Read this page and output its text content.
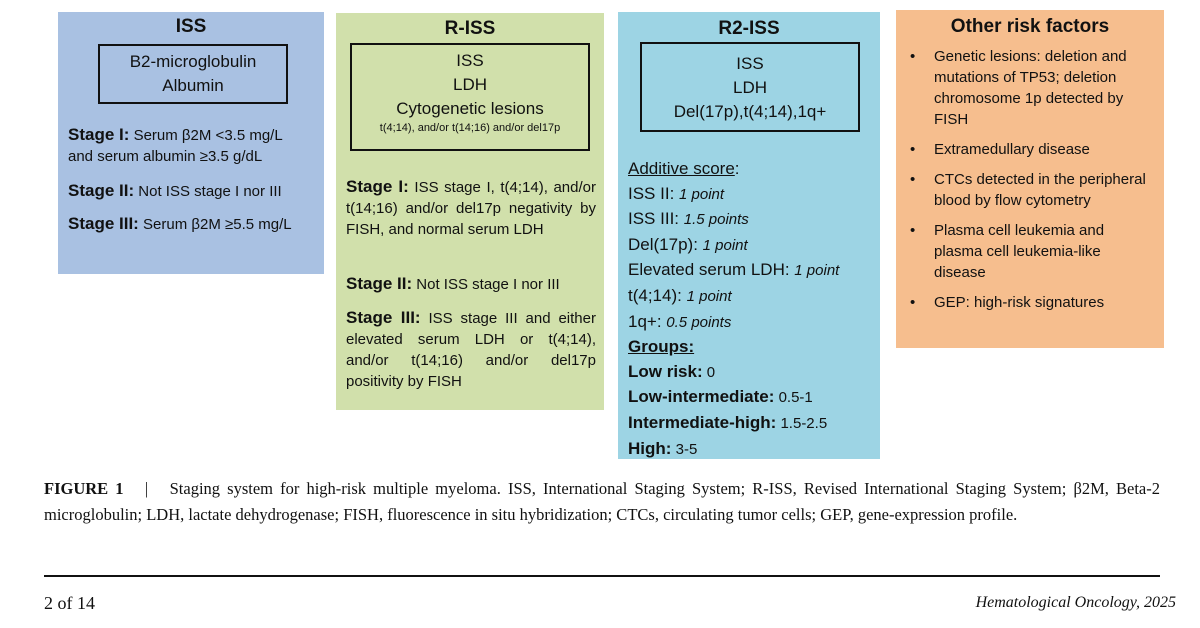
ISS
B2-microglobulin
Albumin
Stage I: Serum β2M <3.5 mg/L
and serum albumin ≥3.5 g/dL
Stage II: Not ISS stage I nor III
Stage III: Serum β2M ≥5.5 mg/L
R-ISS
ISS
LDH
Cytogenetic lesions
t(4;14), and/or t(14;16) and/or del17p
Stage I: ISS stage I, t(4;14), and/or t(14;16) and/or del17p negativity by FISH, and normal serum LDH
Stage II: Not ISS stage I nor III
Stage III: ISS stage III and either elevated serum LDH or t(4;14), and/or t(14;16) and/or del17p positivity by FISH
R2-ISS
ISS
LDH
Del(17p),t(4;14),1q+
Additive score:
ISS II: 1 point
ISS III: 1.5 points
Del(17p): 1 point
Elevated serum LDH: 1 point
t(4;14): 1 point
1q+: 0.5 points
Groups:
Low risk: 0
Low-intermediate: 0.5-1
Intermediate-high: 1.5-2.5
High: 3-5
Other risk factors
• Genetic lesions: deletion and mutations of TP53; deletion chromosome 1p detected by FISH
• Extramedullary disease
• CTCs detected in the peripheral blood by flow cytometry
• Plasma cell leukemia and plasma cell leukemia-like disease
• GEP: high-risk signatures
FIGURE 1 | Staging system for high-risk multiple myeloma. ISS, International Staging System; R-ISS, Revised International Staging System; β2M, Beta-2 microglobulin; LDH, lactate dehydrogenase; FISH, fluorescence in situ hybridization; CTCs, circulating tumor cells; GEP, gene-expression profile.
2 of 14	Hematological Oncology, 2025
